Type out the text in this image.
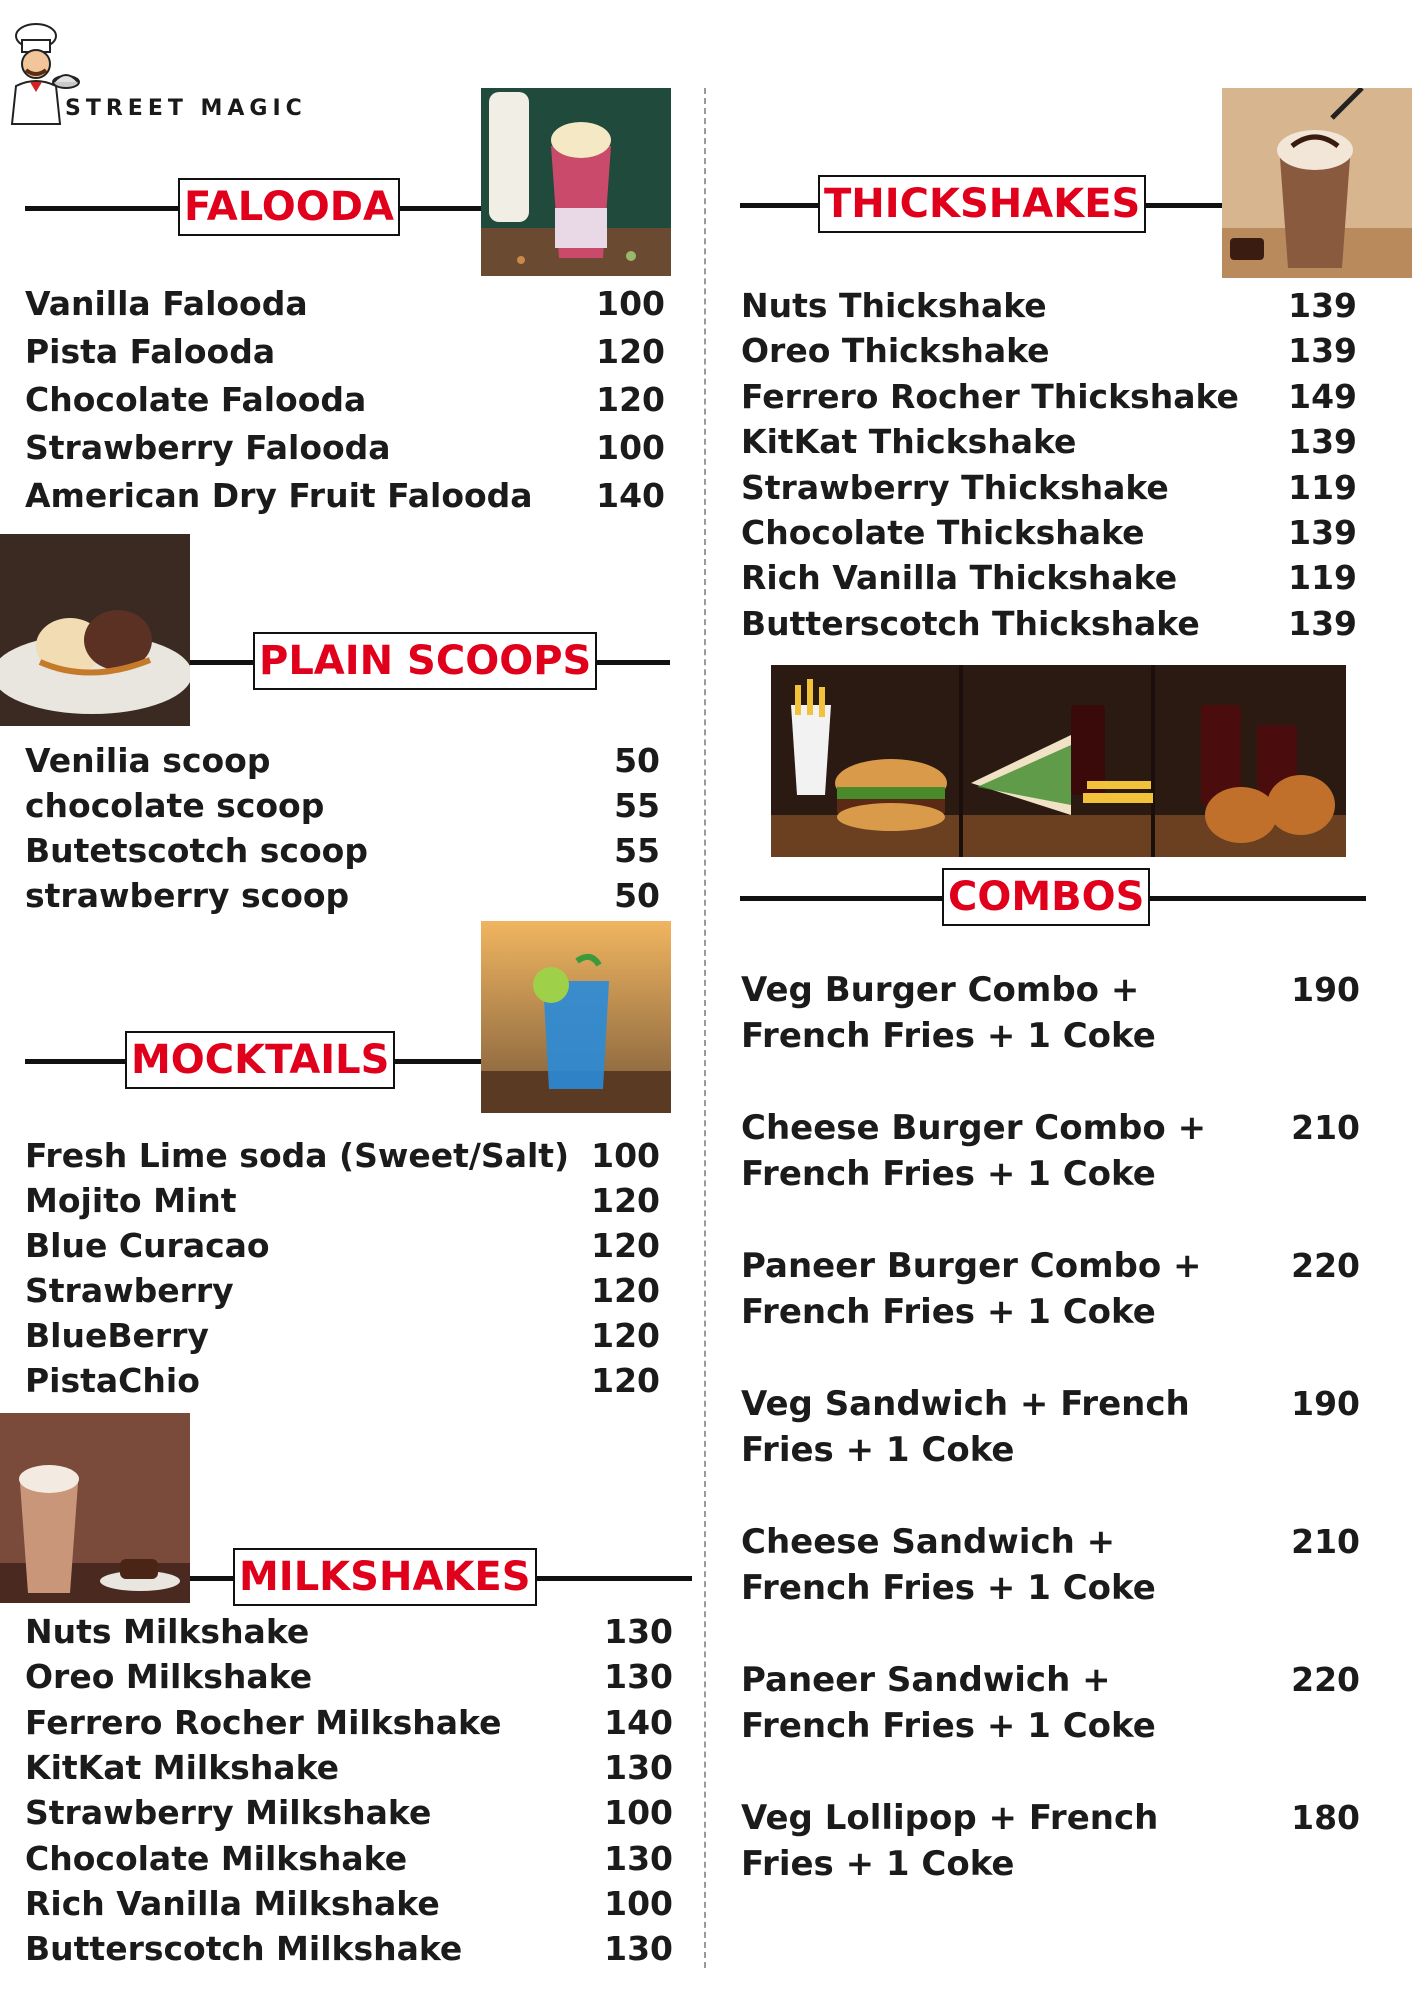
STREET MAGIC
FALOODA
Vanilla Falooda	100
Pista Falooda	120
Chocolate Falooda	120
Strawberry Falooda	100
American Dry Fruit Falooda	140
PLAIN SCOOPS
Venilia scoop	50
chocolate scoop	55
Butetscotch scoop	55
strawberry scoop	50
MOCKTAILS
Fresh Lime soda (Sweet/Salt) 100
Mojito Mint	120
Blue Curacao	120
Strawberry	120
BlueBerry	120
PistaChio	120
MILKSHAKES
Nuts Milkshake	130
Oreo Milkshake	130
Ferrero Rocher Milkshake	140
KitKat Milkshake	130
Strawberry Milkshake	100
Chocolate Milkshake	130
Rich Vanilla Milkshake	100
Butterscotch Milkshake	130
THICKSHAKES
Nuts Thickshake	139
Oreo Thickshake	139
Ferrero Rocher Thickshake	149
KitKat Thickshake	139
Strawberry Thickshake	119
Chocolate Thickshake	139
Rich Vanilla Thickshake	119
Butterscotch Thickshake	139
COMBOS
Veg Burger Combo + French Fries + 1 Coke
190
Cheese Burger Combo + French Fries + 1 Coke
210
Paneer Burger Combo + French Fries + 1 Coke
220
Veg Sandwich + French Fries + 1 Coke
190
Cheese Sandwich + French Fries + 1 Coke
210
Paneer Sandwich + French Fries + 1 Coke
220
Veg Lollipop + French Fries + 1 Coke
180
